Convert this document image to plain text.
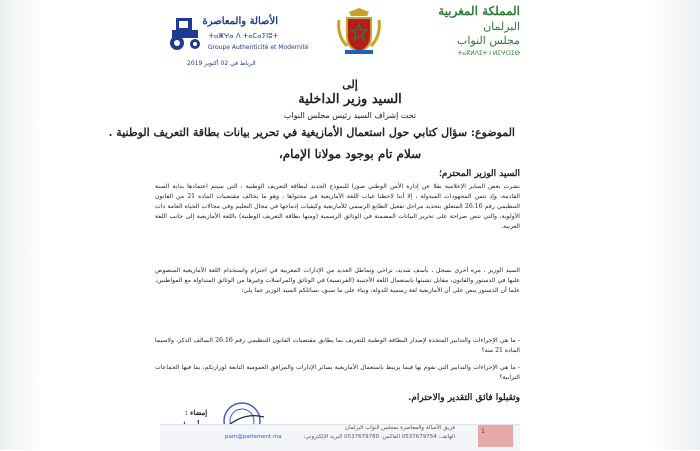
الأصالة والمعاصرة
ⵜⴰⵥⵖⴰ ⴷ ⵜⴰⵎⴰⵢⵏⵓⵜ
Groupe Authenticité et Modernité
الرباط في 02 أكتوبر 2019
المملكة المغربية
البرلمان
مجلس النواب
ⵜⴰⴳⵍⴷⵉⵜ ⵏ ⵍⵎⵖⵔⵉⴱ
إلى
السيد وزير الداخلية
تحت إشراف السيد رئيس مجلس النواب
الموضوع: سؤال كتابي حول استعمال الأمازيغية في تحرير بيانات بطاقة التعريف الوطنية .
سلام تام بوجود مولانا الإمام،
السيد الوزير المحترم؛
نشرت بعض المنابر الإعلامية نقلا عن إدارة الأمن الوطني صورا للنموذج الجديد لبطاقة التعريف الوطنية ، التي سيتم اعتمادها بداية السنة القادمة، وإذ تثمن المجهودات المبذولة ، إلا أننا لاحظنا غياب اللغة الأمازيغية في محتواها ، وهو ما يخالف مقتضيات المادة 21 من القانون التنظيمي رقم 26.16 المتعلق بتحديد مراحل تفعيل الطابع الرسمي للأمازيغية وكيفيات إدماجها في مجال التعليم وفي مجالات الحياة العامة ذات الأولوية، والتي تنص صراحة على تحرير البيانات المضمنة في الوثائق الرسمية (ومنها بطاقة التعريف الوطنية) باللغة الأمازيغية إلى جانب اللغة العربية.
السيد الوزير ، مرة أخرى نسجل ، بأسف شديد، تراخي وتماطل العديد من الإدارات المغربية في احترام واستخدام اللغة الأمازيغية المنصوص عليها في الدستور والقانون، مقابل تشبثها باستعمال اللغة الأجنبية (الفرنسية) في الوثائق والمراسلات وغيرها من الوثائق المتداولة مع المواطنين، علما أن الدستور ينص على أن الأمازيغية لغة رسمية للدولة، وبناء على ما سبق، نسائلكم السيد الوزير عما يلي:
- ما هي الإجراءات والتدابير المتخذة لإصدار البطاقة الوطنية للتعريف بما يطابق مقتضيات القانون التنظيمي رقم 26.16 السالف الذكر، ولاسيما المادة 21 منه؟
- ما هي الإجراءات والتدابير التي تقوم بها فيما يرتبط باستعمال الأمازيغية بسائر الإدارات والمرافق العمومية التابعة لوزارتكم، بما فيها الجماعات الترابية؟
وتقبلوا فائق التقدير والاحترام.
إمضاء :
فريق الأصالة والمعاصرة بمجلس النواب البرلمان
الهاتف: 0537679754 الفاكس: 0537679780 البريد الإلكتروني:
pam@parlement.ma
1
